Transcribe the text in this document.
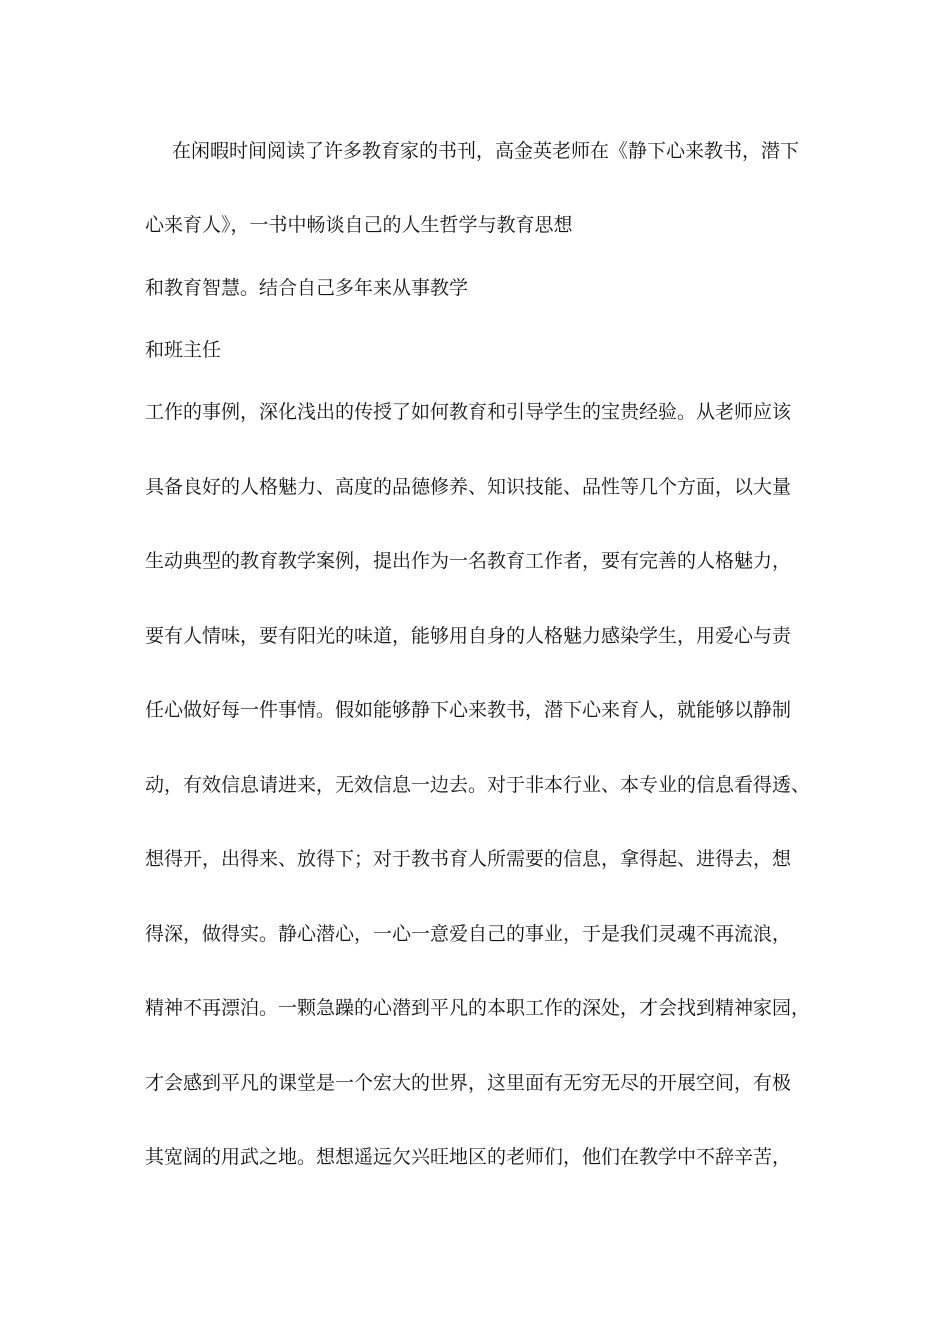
在闲暇时间阅读了许多教育家的书刊，高金英老师在《静下心来教书，潜下

心来育人》，一书中畅谈自己的人生哲学与教育思想

和教育智慧。结合自己多年来从事教学

和班主任

工作的事例，深化浅出的传授了如何教育和引导学生的宝贵经验。从老师应该

具备良好的人格魅力、高度的品德修养、知识技能、品性等几个方面，以大量

生动典型的教育教学案例，提出作为一名教育工作者，要有完善的人格魅力，

要有人情味，要有阳光的味道，能够用自身的人格魅力感染学生，用爱心与责

任心做好每一件事情。假如能够静下心来教书，潜下心来育人，就能够以静制

动，有效信息请进来，无效信息一边去。对于非本行业、本专业的信息看得透、

想得开，出得来、放得下；对于教书育人所需要的信息，拿得起、进得去，想

得深，做得实。静心潜心，一心一意爱自己的事业，于是我们灵魂不再流浪，

精神不再漂泊。一颗急躁的心潜到平凡的本职工作的深处，才会找到精神家园，

才会感到平凡的课堂是一个宏大的世界，这里面有无穷无尽的开展空间，有极

其宽阔的用武之地。想想遥远欠兴旺地区的老师们，他们在教学中不辞辛苦，
